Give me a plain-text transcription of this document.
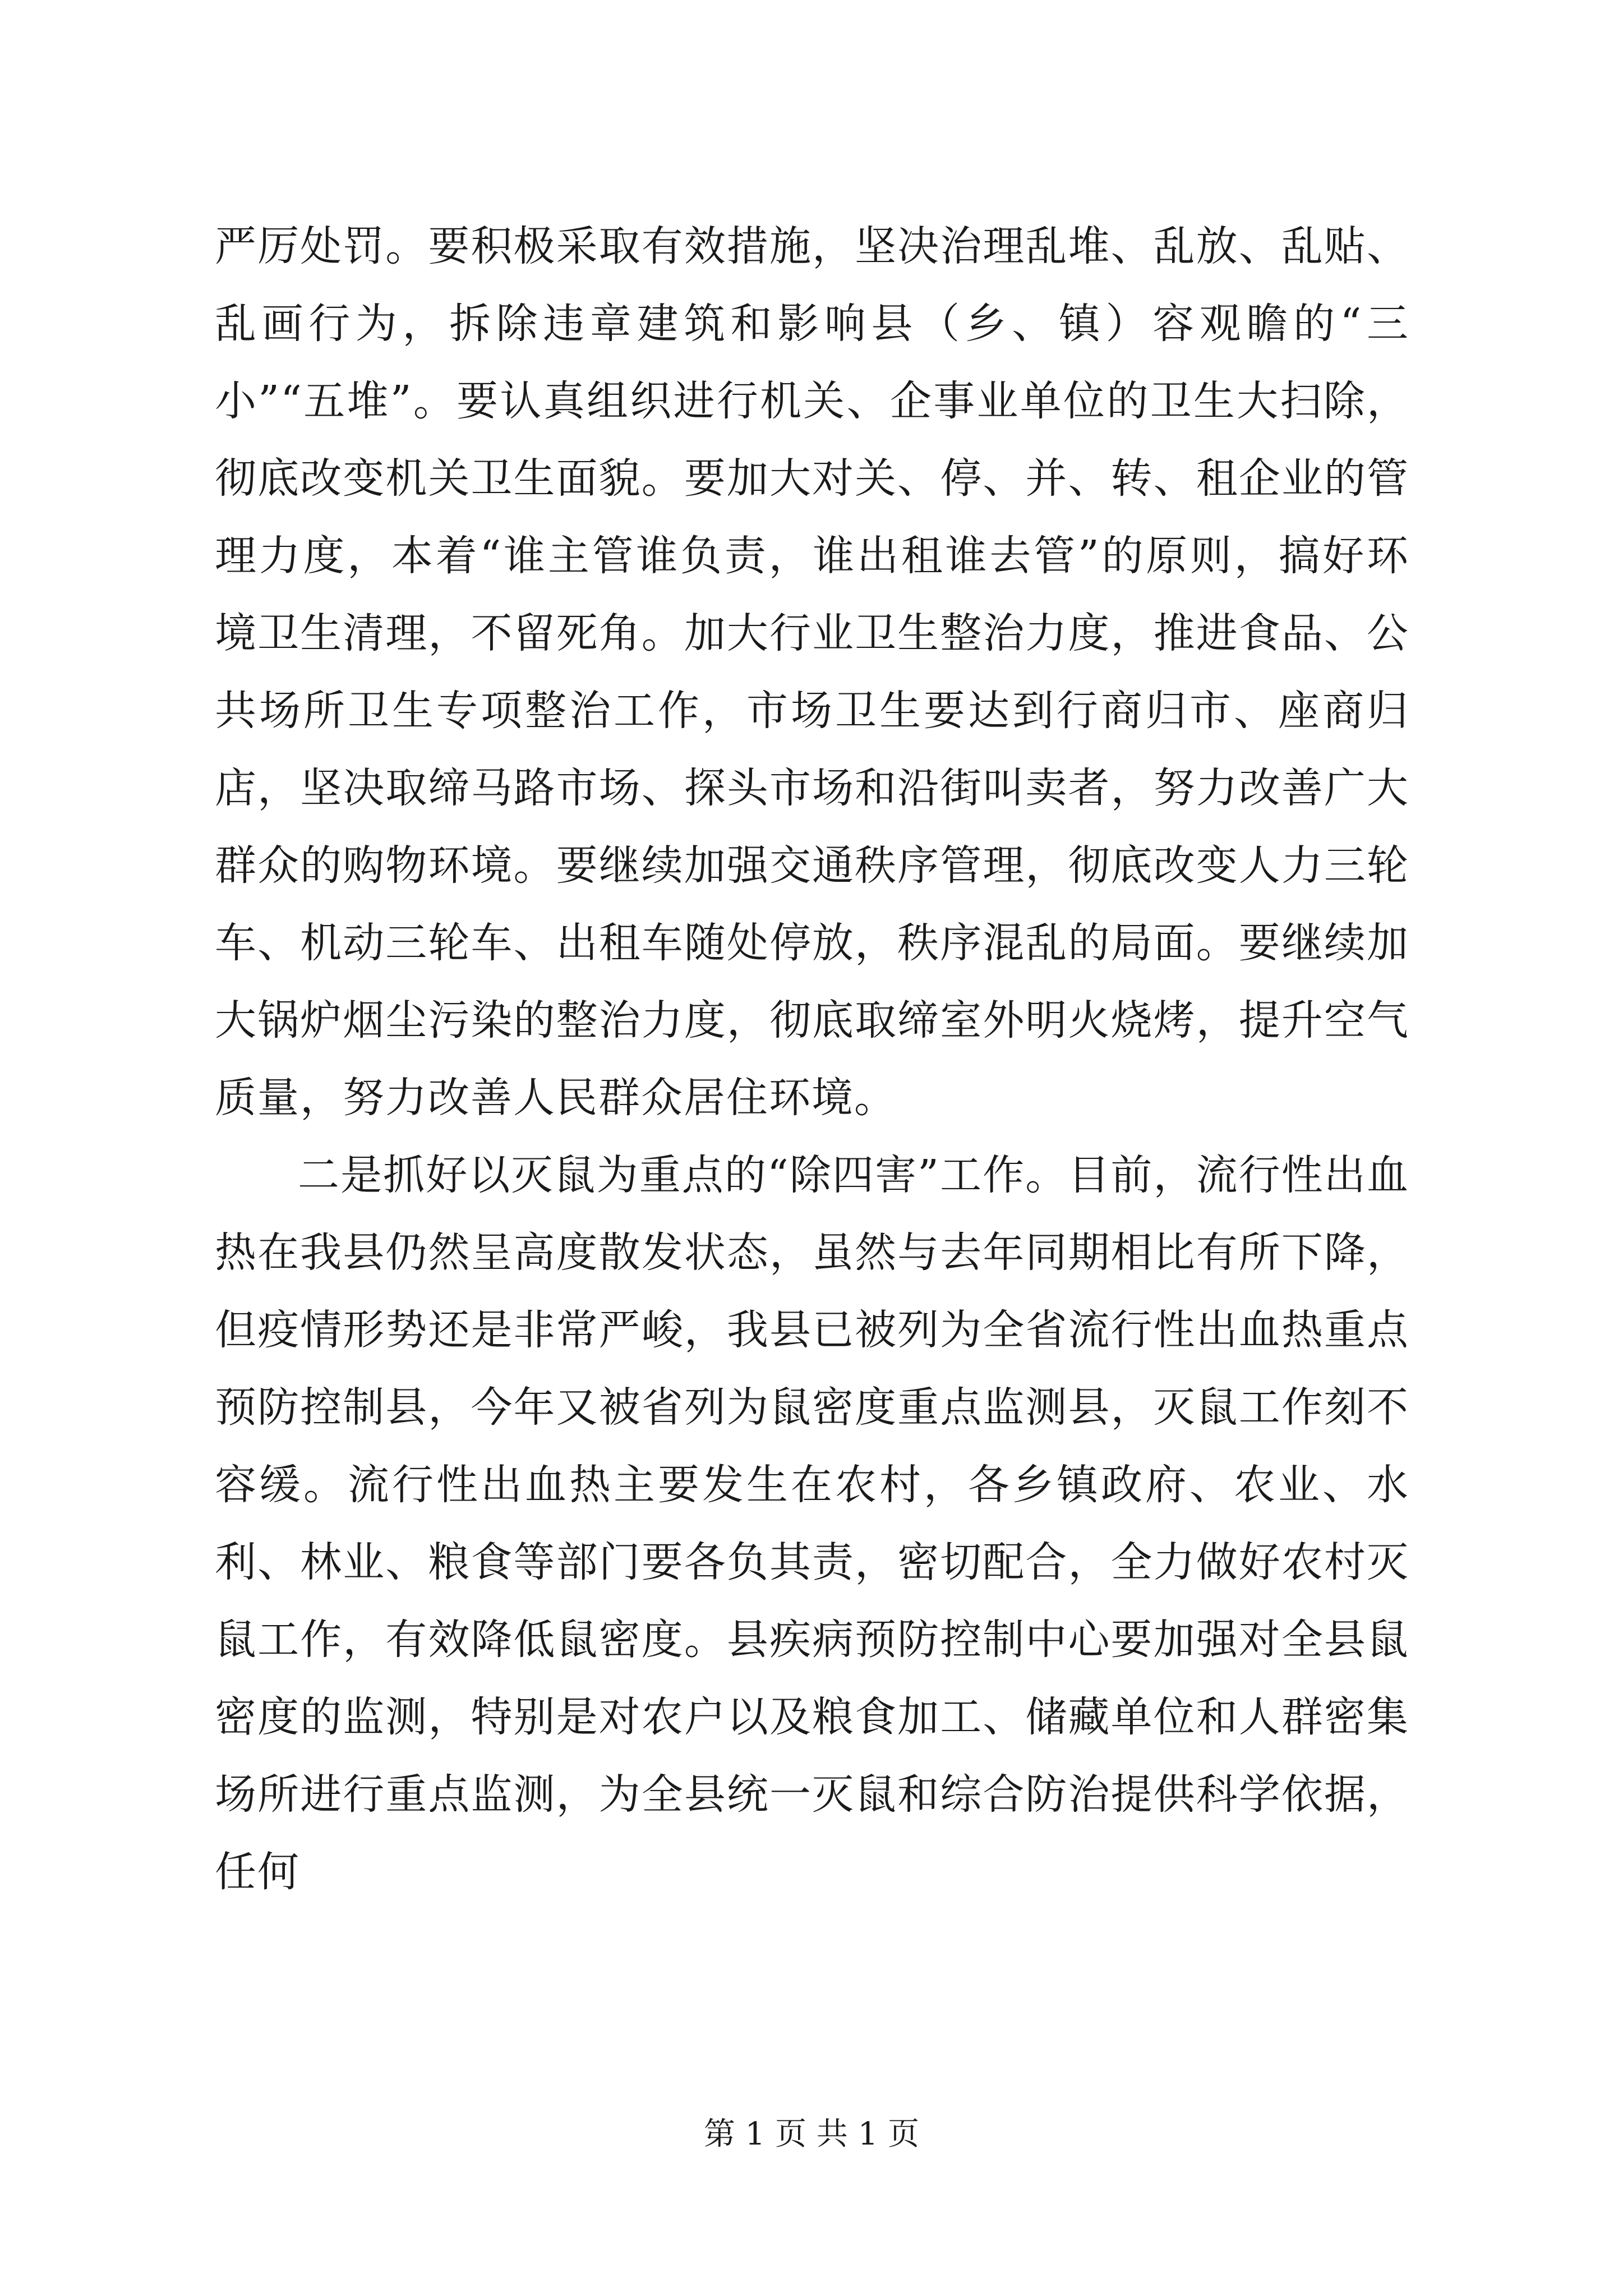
严厉处罚。要积极采取有效措施，坚决治理乱堆、乱放、乱贴、乱画行为，拆除违章建筑和影响县（乡、镇）容观瞻的“三小”“五堆”。要认真组织进行机关、企事业单位的卫生大扫除，彻底改变机关卫生面貌。要加大对关、停、并、转、租企业的管理力度，本着“谁主管谁负责，谁出租谁去管”的原则，搞好环境卫生清理，不留死角。加大行业卫生整治力度，推进食品、公共场所卫生专项整治工作，市场卫生要达到行商归市、座商归店，坚决取缔马路市场、探头市场和沿街叫卖者，努力改善广大群众的购物环境。要继续加强交通秩序管理，彻底改变人力三轮车、机动三轮车、出租车随处停放，秩序混乱的局面。要继续加大锅炉烟尘污染的整治力度，彻底取缔室外明火烧烤，提升空气质量，努力改善人民群众居住环境。

二是抓好以灭鼠为重点的“除四害”工作。目前，流行性出血热在我县仍然呈高度散发状态，虽然与去年同期相比有所下降，但疫情形势还是非常严峻，我县已被列为全省流行性出血热重点预防控制县，今年又被省列为鼠密度重点监测县，灭鼠工作刻不容缓。流行性出血热主要发生在农村，各乡镇政府、农业、水利、林业、粮食等部门要各负其责，密切配合，全力做好农村灭鼠工作，有效降低鼠密度。县疾病预防控制中心要加强对全县鼠密度的监测，特别是对农户以及粮食加工、储藏单位和人群密集场所进行重点监测，为全县统一灭鼠和综合防治提供科学依据，任何

第 1 页 共 1 页
